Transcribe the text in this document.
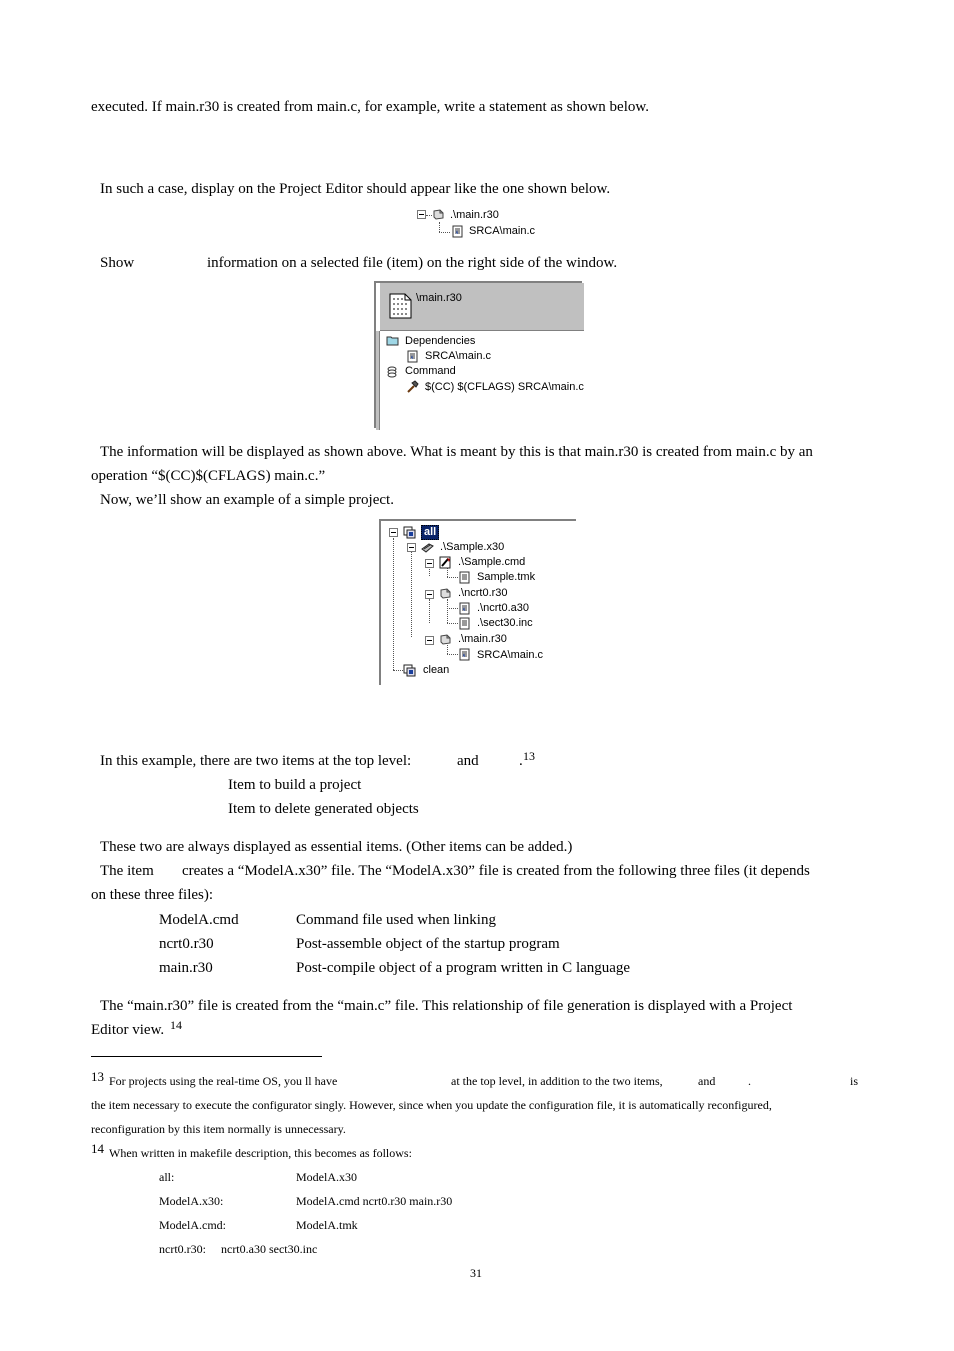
executed. If main.r30 is created from main.c, for example, write a statement as shown below.
In such a case, display on the Project Editor should appear like the one shown below.
.\main.r30
SRCA\main.c
Show	information on a selected file (item) on the right side of the window.
\main.r30
Dependencies
SRCA\main.c
Command
$(CC) $(CFLAGS) SRCA\main.c
The information will be displayed as shown above. What is meant by this is that main.r30 is created from main.c by an
operation “$(CC)$(CFLAGS) main.c.”
Now, we’ll show an example of a simple project.
all
.\Sample.x30
.\Sample.cmd
Sample.tmk
.\ncrt0.r30
.\ncrt0.a30
.\sect30.inc
.\main.r30
SRCA\main.c
clean
In this example, there are two items at the top level:	and	. 13
Item to build a project
Item to delete generated objects
These two are always displayed as essential items. (Other items can be added.)
The item creates a “ModelA.x30” file. The “ModelA.x30” file is created from the following three files (it depends
on these three files):
ModelA.cmd	Command file used when linking
ncrt0.r30	Post-assemble object of the startup program
main.r30	Post-compile object of a program written in C language
The “main.r30” file is created from the “main.c” file. This relationship of file generation is displayed with a Project
Editor view. 14
13 For projects using the real-time OS, you ll have	at the top level, in addition to the two items,	and	.	is
the item necessary to execute the configurator singly. However, since when you update the configuration file, it is automatically reconfigured,
reconfiguration by this item normally is unnecessary.
14 When written in makefile description, this becomes as follows:
all:	ModelA.x30
ModelA.x30:	ModelA.cmd ncrt0.r30 main.r30
ModelA.cmd:	ModelA.tmk
ncrt0.r30:     ncrt0.a30 sect30.inc
31
